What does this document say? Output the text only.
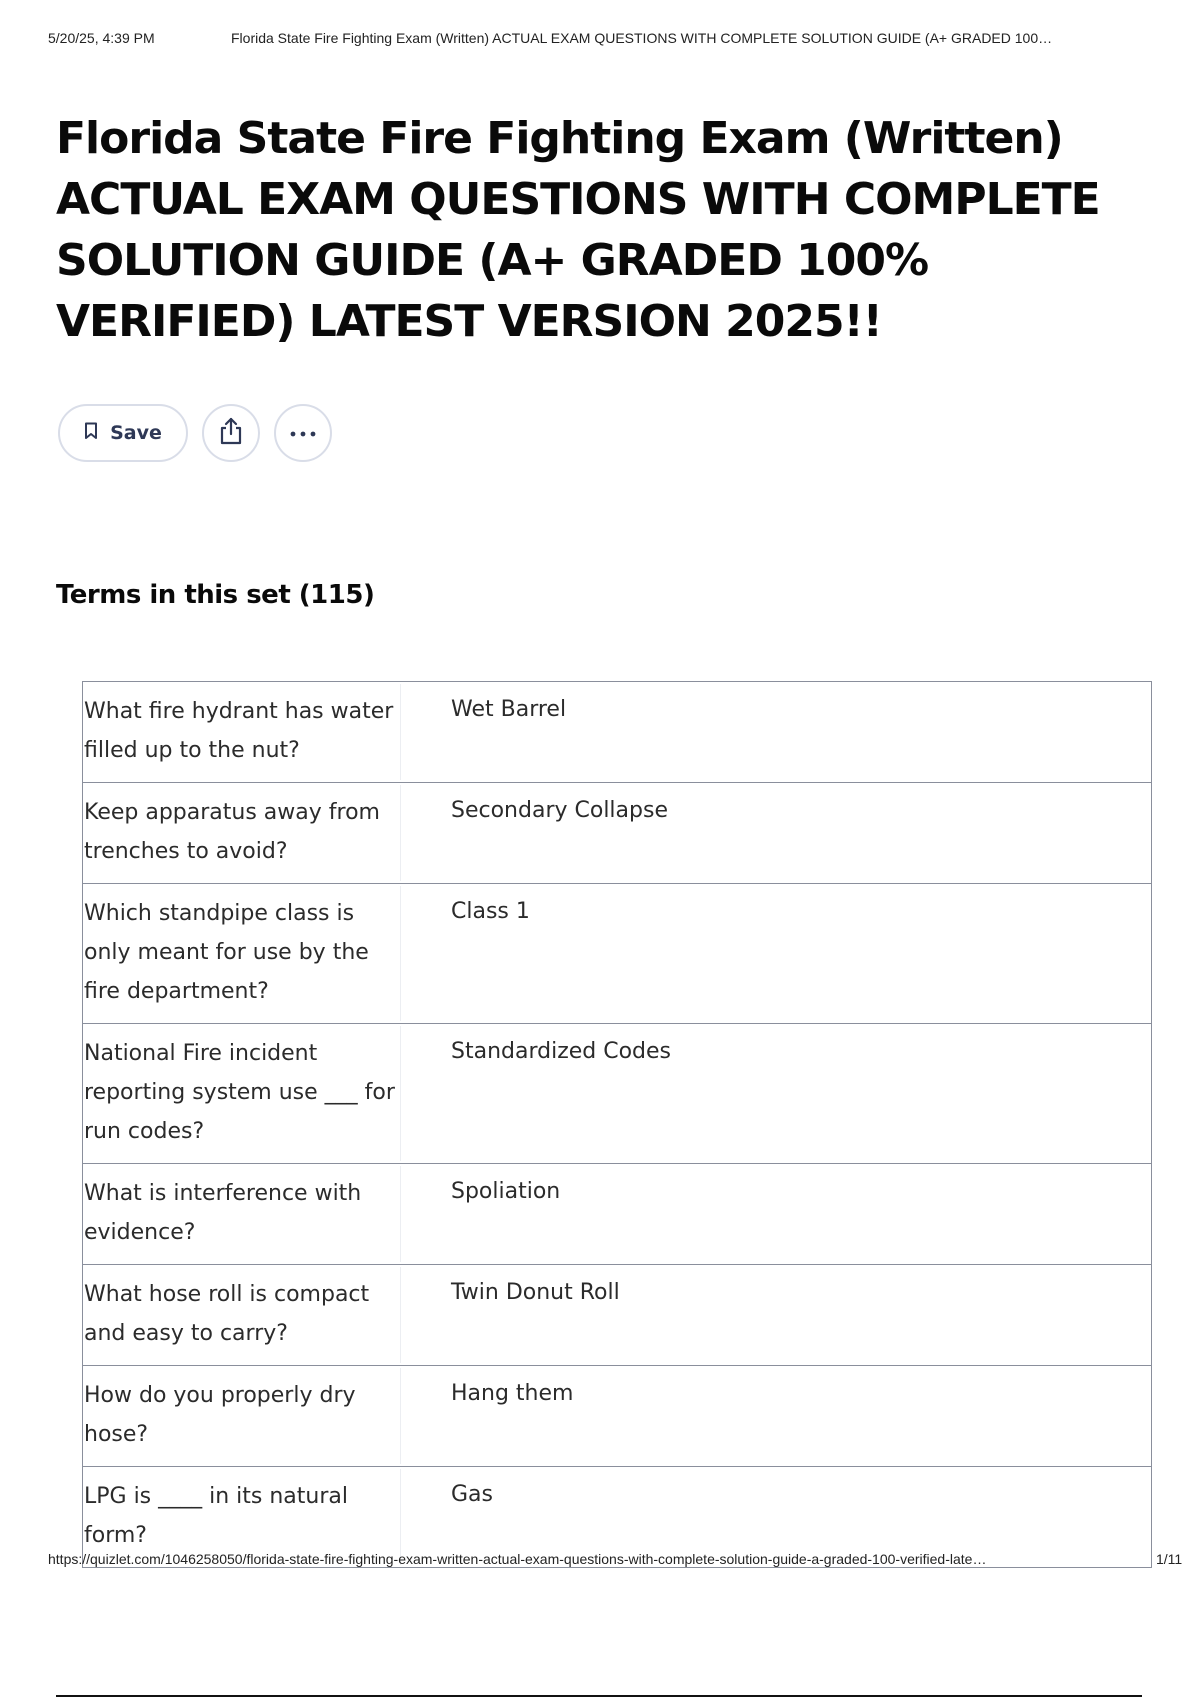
5/20/25, 4:39 PM	Florida State Fire Fighting Exam (Written) ACTUAL EXAM QUESTIONS WITH COMPLETE SOLUTION GUIDE (A+ GRADED 100…
Florida State Fire Fighting Exam (Written) ACTUAL EXAM QUESTIONS WITH COMPLETE SOLUTION GUIDE (A+ GRADED 100% VERIFIED) LATEST VERSION 2025!!
Save
Terms in this set (115)
What fire hydrant has water filled up to the nut?
Wet Barrel
Keep apparatus away from trenches to avoid?
Secondary Collapse
Which standpipe class is only meant for use by the fire department?
Class 1
National Fire incident reporting system use ___ for run codes?
Standardized Codes
What is interference with evidence?
Spoliation
What hose roll is compact and easy to carry?
Twin Donut Roll
How do you properly dry hose?
Hang them
LPG is ____ in its natural form?
Gas
https://quizlet.com/1046258050/florida-state-fire-fighting-exam-written-actual-exam-questions-with-complete-solution-guide-a-graded-100-verified-late…	1/11
